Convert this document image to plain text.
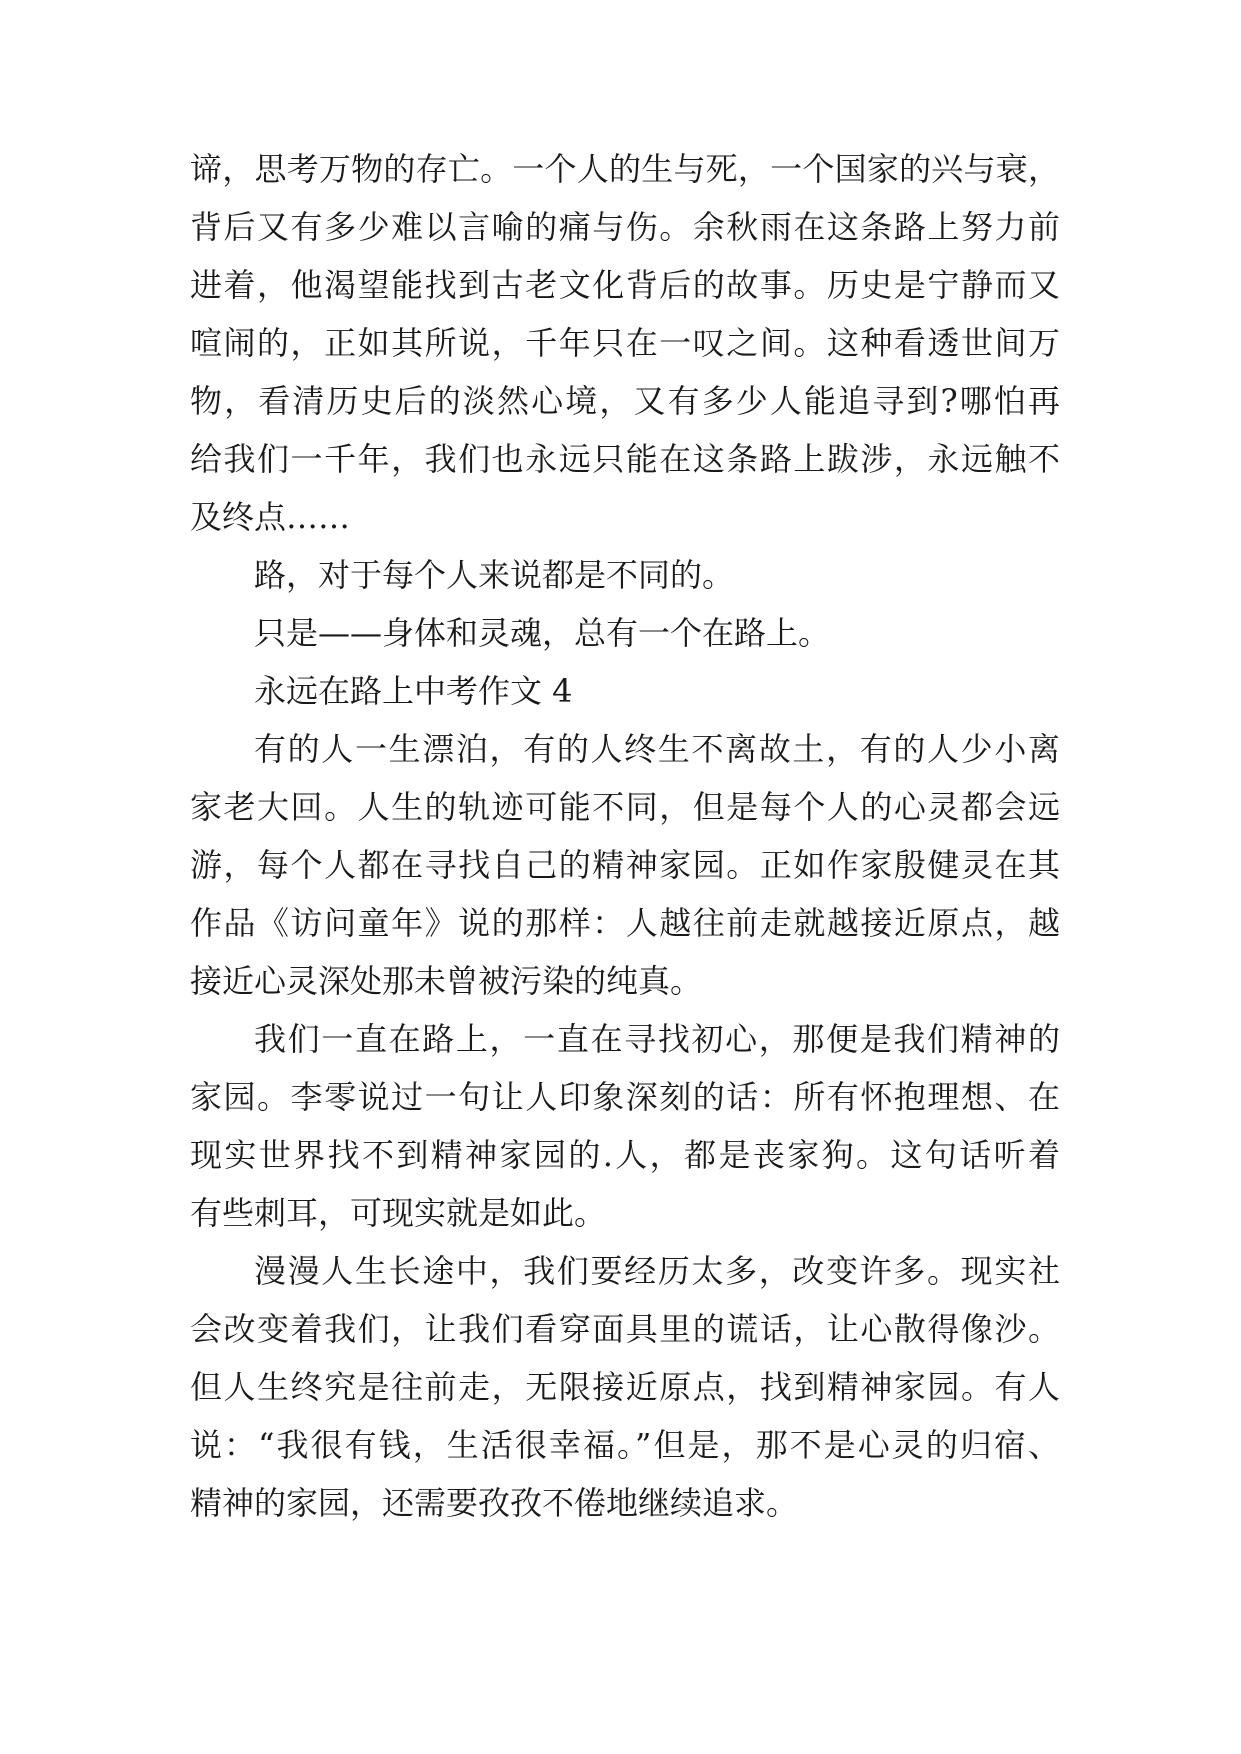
谛，思考万物的存亡。一个人的生与死，一个国家的兴与衰，
背后又有多少难以言喻的痛与伤。余秋雨在这条路上努力前
进着，他渴望能找到古老文化背后的故事。历史是宁静而又
喧闹的，正如其所说，千年只在一叹之间。这种看透世间万
物，看清历史后的淡然心境，又有多少人能追寻到?哪怕再
给我们一千年，我们也永远只能在这条路上跋涉，永远触不
及终点……
路，对于每个人来说都是不同的。
只是——身体和灵魂，总有一个在路上。
永远在路上中考作文 4
有的人一生漂泊，有的人终生不离故土，有的人少小离
家老大回。人生的轨迹可能不同，但是每个人的心灵都会远
游，每个人都在寻找自己的精神家园。正如作家殷健灵在其
作品《访问童年》说的那样：人越往前走就越接近原点，越
接近心灵深处那未曾被污染的纯真。
我们一直在路上，一直在寻找初心，那便是我们精神的
家园。李零说过一句让人印象深刻的话：所有怀抱理想、在
现实世界找不到精神家园的.人，都是丧家狗。这句话听着
有些刺耳，可现实就是如此。
漫漫人生长途中，我们要经历太多，改变许多。现实社
会改变着我们，让我们看穿面具里的谎话，让心散得像沙。
但人生终究是往前走，无限接近原点，找到精神家园。有人
说：“我很有钱，生活很幸福。”但是，那不是心灵的归宿、
精神的家园，还需要孜孜不倦地继续追求。
